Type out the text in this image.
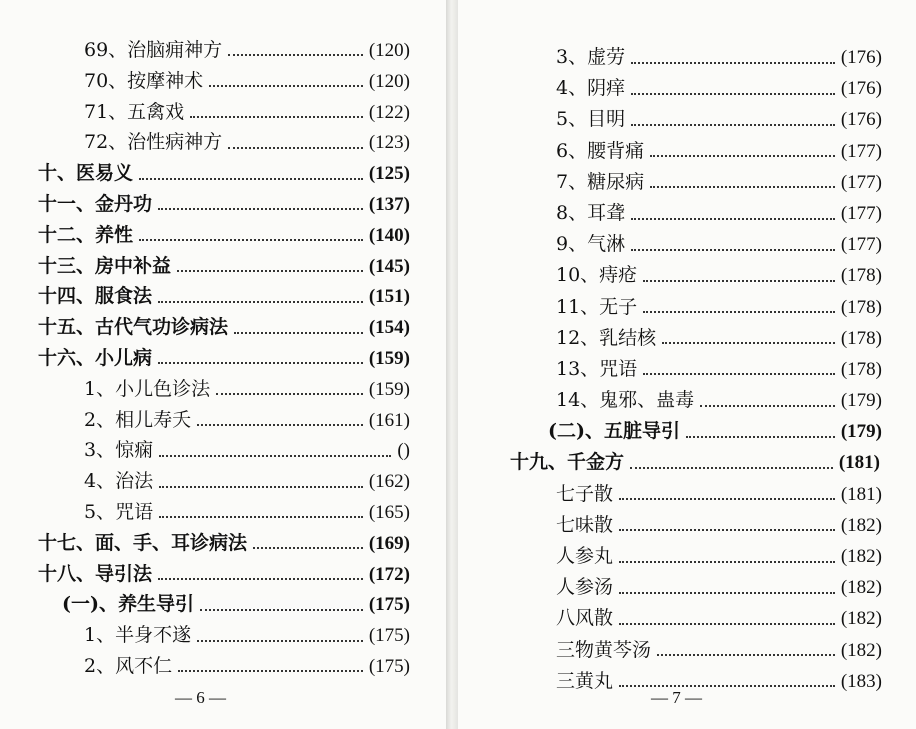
69、治脑痈神方	(120)
70、按摩神术	(120)
71、五禽戏	(122)
72、治性病神方	(123)
十、医易义	(125)
十一、金丹功	(137)
十二、养性	(140)
十三、房中补益	(145)
十四、服食法	(151)
十五、古代气功诊病法	(154)
十六、小儿病	(159)
1、小儿色诊法	(159)
2、相儿寿夭	(161)
3、惊痫	()
4、治法	(162)
5、咒语	(165)
十七、面、手、耳诊病法	(169)
十八、导引法	(172)
(一)、养生导引	(175)
1、半身不遂	(175)
2、风不仁	(175)
— 6 —
3、虚劳	(176)
4、阴痒	(176)
5、目明	(176)
6、腰背痛	(177)
7、糖尿病	(177)
8、耳聋	(177)
9、气淋	(177)
10、痔疮	(178)
11、无子	(178)
12、乳结核	(178)
13、咒语	(178)
14、鬼邪、蛊毒	(179)
(二)、五脏导引	(179)
十九、千金方	(181)
七子散	(181)
七味散	(182)
人参丸	(182)
人参汤	(182)
八风散	(182)
三物黄芩汤	(182)
三黄丸	(183)
— 7 —
